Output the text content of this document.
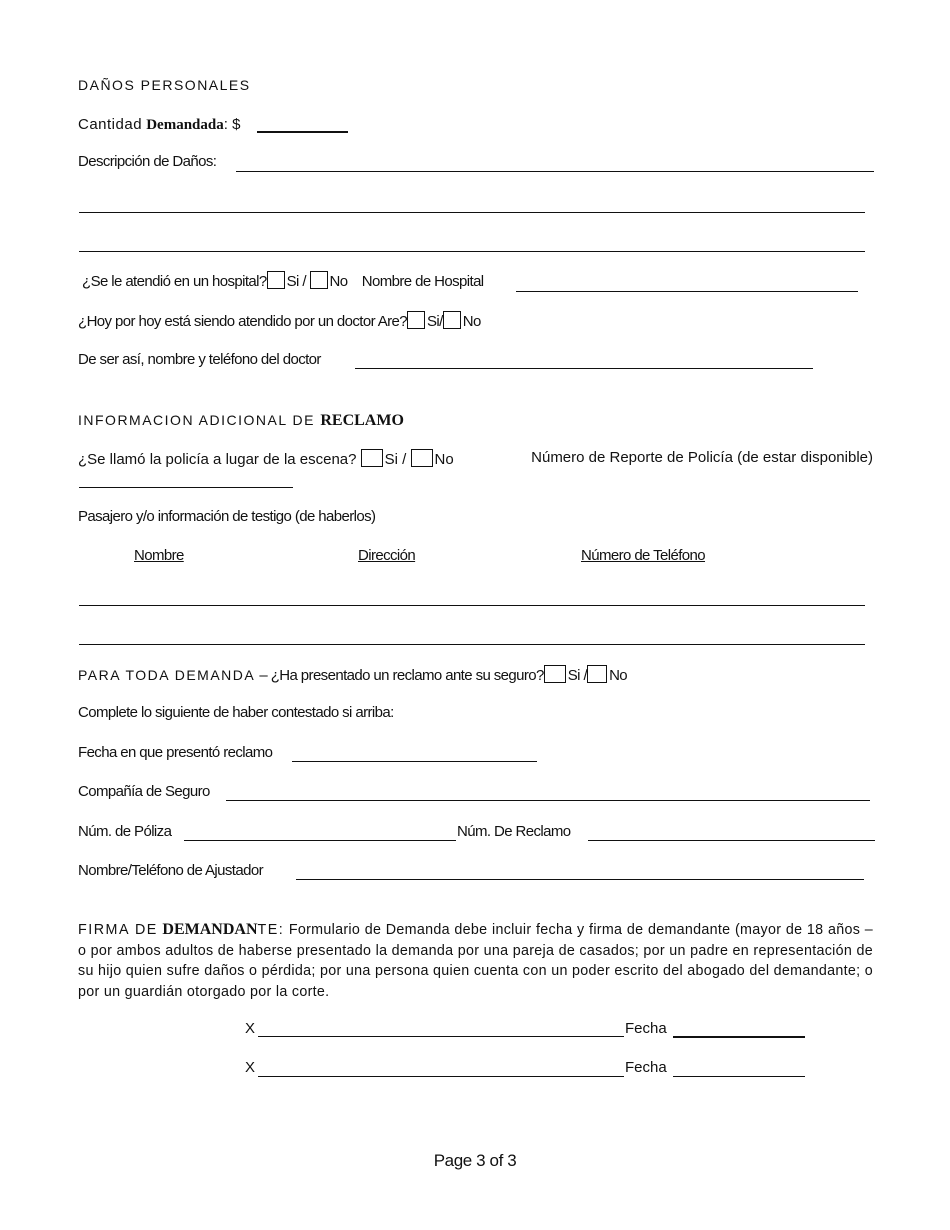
DAÑOS PERSONALES
Cantidad Demandada: $
Descripción de Daños:
¿Se le atendió en un hospital? Si / No Nombre de Hospital
¿Hoy por hoy está siendo atendido por un doctor Are? Si/ No
De ser así, nombre y teléfono del doctor
INFORMACION ADICIONAL DE RECLAMO
¿Se llamó la policía a lugar de la escena? Si / No	Número de Reporte de Policía (de estar disponible)
Pasajero y/o información de testigo (de haberlos)
Nombre	Dirección	Número de Teléfono
PARA TODA DEMANDA – ¿Ha presentado un reclamo ante su seguro? Si / No
Complete lo siguiente de haber contestado si arriba:
Fecha en que presentó reclamo
Compañía de Seguro
Núm. de Póliza	Núm. De Reclamo
Nombre/Teléfono de Ajustador
FIRMA DE DEMANDANTE: Formulario de Demanda debe incluir fecha y firma de demandante (mayor de 18 años – o por ambos adultos de haberse presentado la demanda por una pareja de casados; por un padre en representación de su hijo quien sufre daños o pérdida; por una persona quien cuenta con un poder escrito del abogado del demandante; o por un guardián otorgado por la corte.
X	Fecha
X	Fecha
Page 3 of 3
